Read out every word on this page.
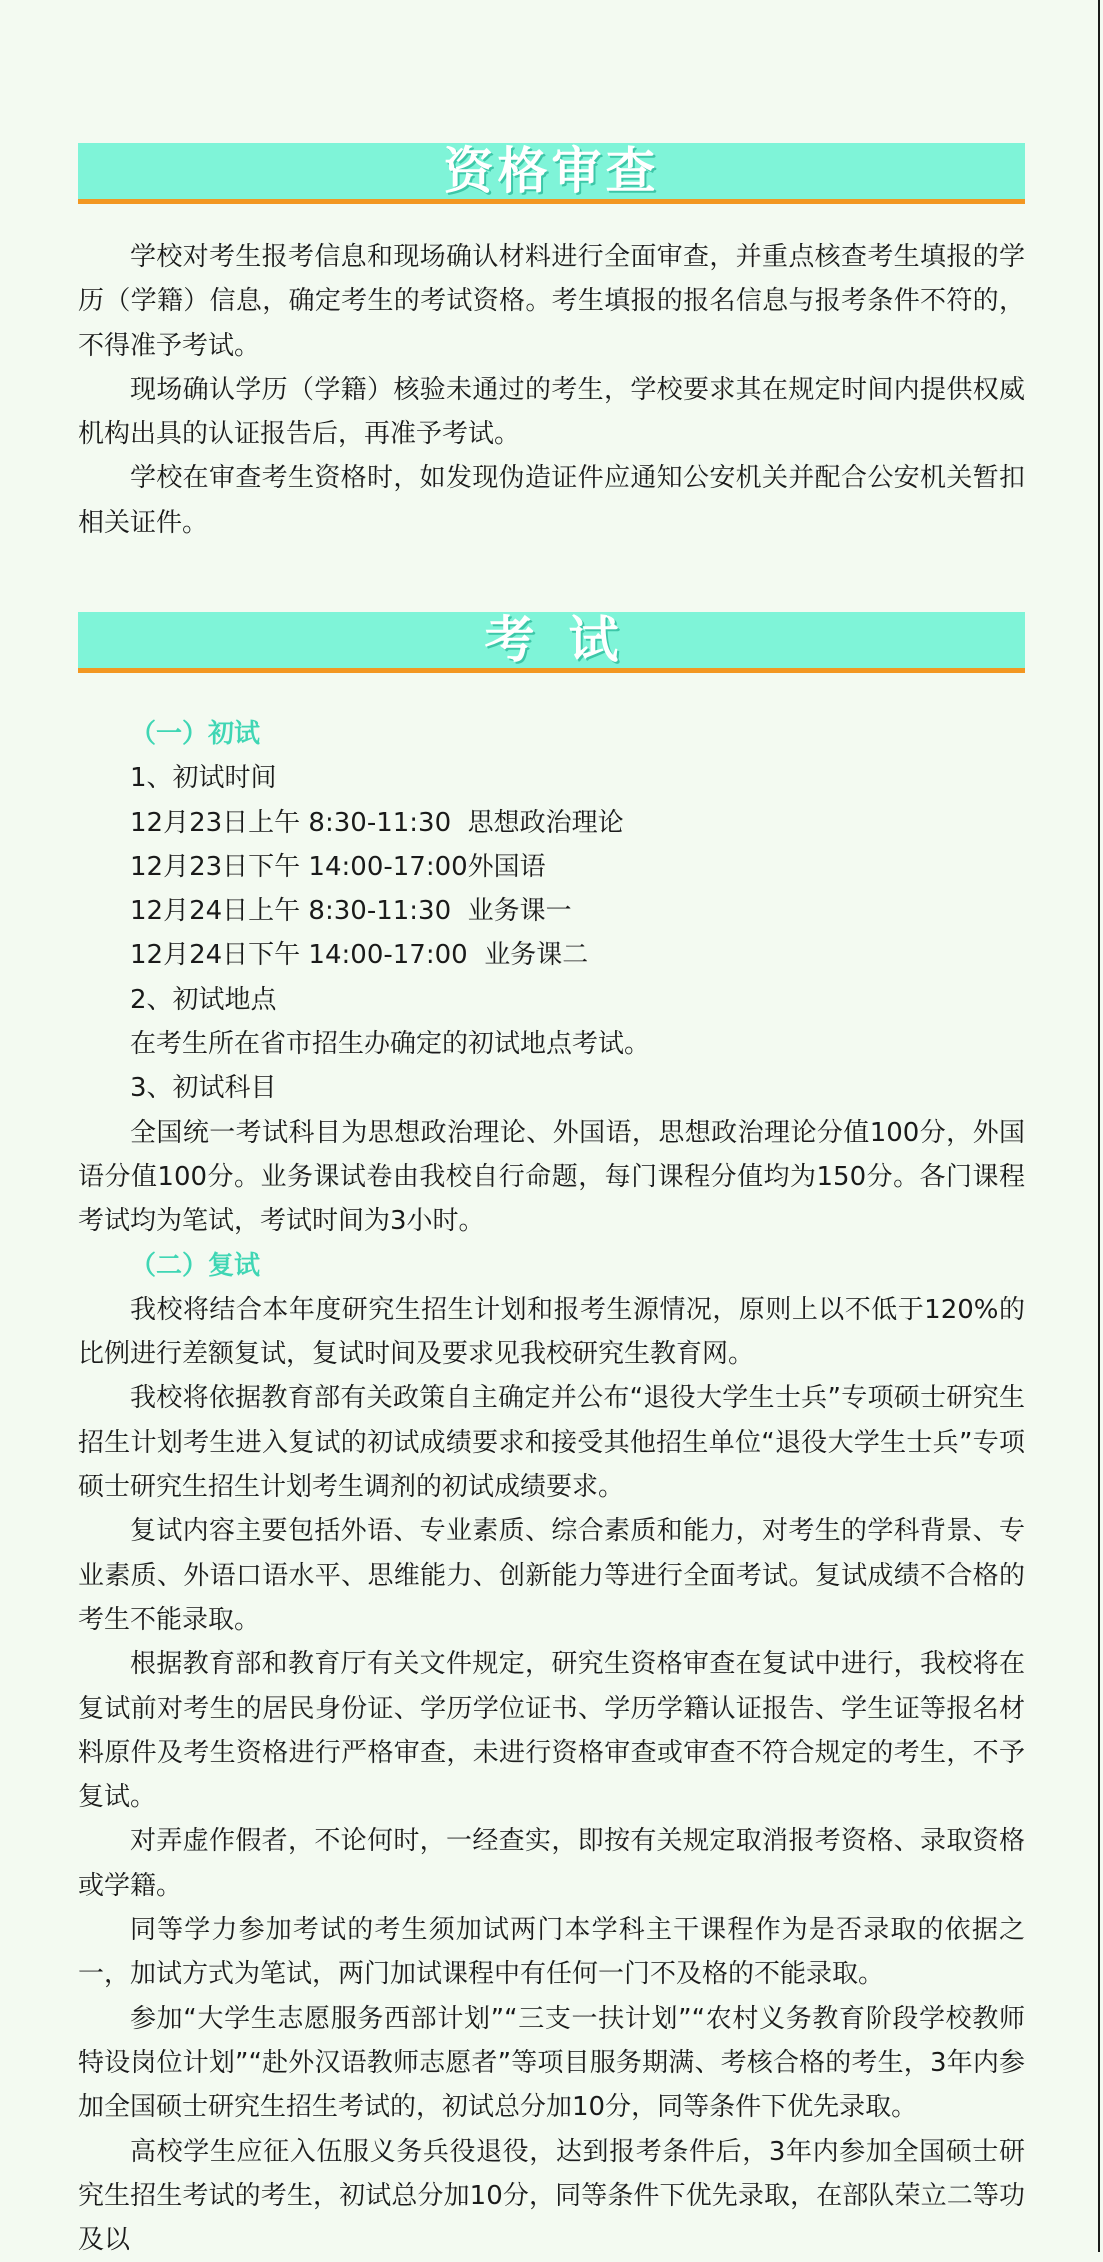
资格审查

学校对考生报考信息和现场确认材料进行全面审查，并重点核查考生填报的学历（学籍）信息，确定考生的考试资格。考生填报的报名信息与报考条件不符的，不得准予考试。

现场确认学历（学籍）核验未通过的考生，学校要求其在规定时间内提供权威机构出具的认证报告后，再准予考试。

学校在审查考生资格时，如发现伪造证件应通知公安机关并配合公安机关暂扣相关证件。

考试
（一）初试
1、初试时间
12月23日上午 8:30-11:30  思想政治理论
12月23日下午 14:00-17:00外国语
12月24日上午 8:30-11:30  业务课一
12月24日下午 14:00-17:00  业务课二
2、初试地点
在考生所在省市招生办确定的初试地点考试。
3、初试科目

全国统一考试科目为思想政治理论、外国语，思想政治理论分值100分，外国语分值100分。业务课试卷由我校自行命题，每门课程分值均为150分。各门课程考试均为笔试，考试时间为3小时。

（二）复试

我校将结合本年度研究生招生计划和报考生源情况，原则上以不低于120%的比例进行差额复试，复试时间及要求见我校研究生教育网。

我校将依据教育部有关政策自主确定并公布“退役大学生士兵”专项硕士研究生招生计划考生进入复试的初试成绩要求和接受其他招生单位“退役大学生士兵”专项硕士研究生招生计划考生调剂的初试成绩要求。

复试内容主要包括外语、专业素质、综合素质和能力，对考生的学科背景、专业素质、外语口语水平、思维能力、创新能力等进行全面考试。复试成绩不合格的考生不能录取。

根据教育部和教育厅有关文件规定，研究生资格审查在复试中进行，我校将在复试前对考生的居民身份证、学历学位证书、学历学籍认证报告、学生证等报名材料原件及考生资格进行严格审查，未进行资格审查或审查不符合规定的考生，不予复试。

对弄虚作假者，不论何时，一经查实，即按有关规定取消报考资格、录取资格或学籍。

同等学力参加考试的考生须加试两门本学科主干课程作为是否录取的依据之一，加试方式为笔试，两门加试课程中有任何一门不及格的不能录取。

参加“大学生志愿服务西部计划”“三支一扶计划”“农村义务教育阶段学校教师特设岗位计划”“赴外汉语教师志愿者”等项目服务期满、考核合格的考生，3年内参加全国硕士研究生招生考试的，初试总分加10分，同等条件下优先录取。

高校学生应征入伍服义务兵役退役，达到报考条件后，3年内参加全国硕士研究生招生考试的考生，初试总分加10分，同等条件下优先录取，在部队荣立二等功及以
